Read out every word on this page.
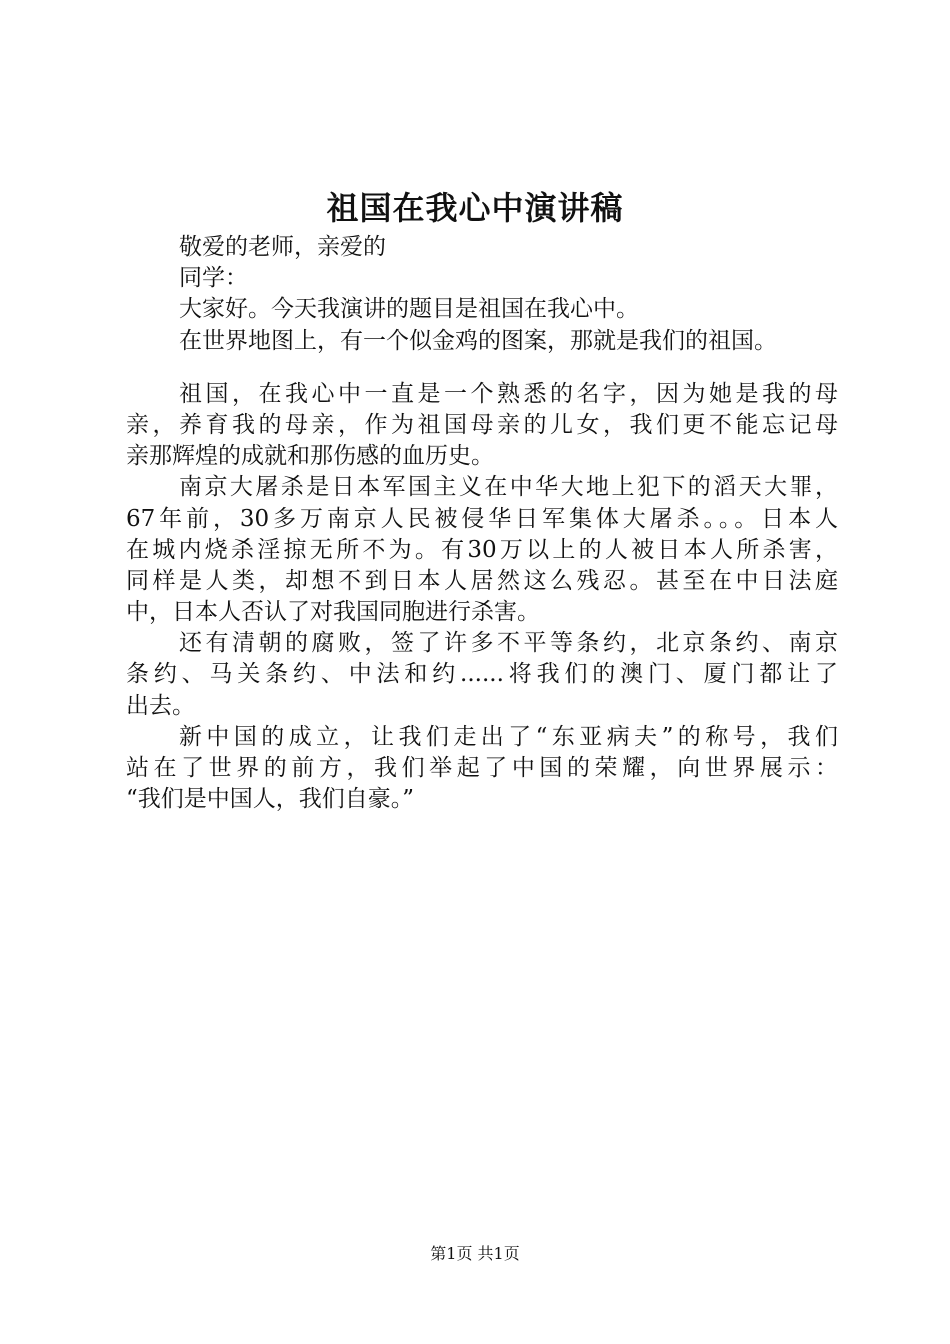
祖国在我心中演讲稿
敬爱的老师，亲爱的
同学：
大家好。今天我演讲的题目是祖国在我心中。
在世界地图上，有一个似金鸡的图案，那就是我们的祖国。
祖国，在我心中一直是一个熟悉的名字，因为她是我的母
亲，养育我的母亲，作为祖国母亲的儿女，我们更不能忘记母
亲那辉煌的成就和那伤感的血历史。
南京大屠杀是日本军国主义在中华大地上犯下的滔天大罪，
67年前，30多万南京人民被侵华日军集体大屠杀。。。日本人
在城内烧杀淫掠无所不为。有30万以上的人被日本人所杀害，
同样是人类，却想不到日本人居然这么残忍。甚至在中日法庭
中，日本人否认了对我国同胞进行杀害。
还有清朝的腐败，签了许多不平等条约，北京条约、南京
条约、马关条约、中法和约......将我们的澳门、厦门都让了
出去。
新中国的成立，让我们走出了“东亚病夫”的称号，我们
站在了世界的前方，我们举起了中国的荣耀，向世界展示：
“我们是中国人，我们自豪。”
第1页 共1页
